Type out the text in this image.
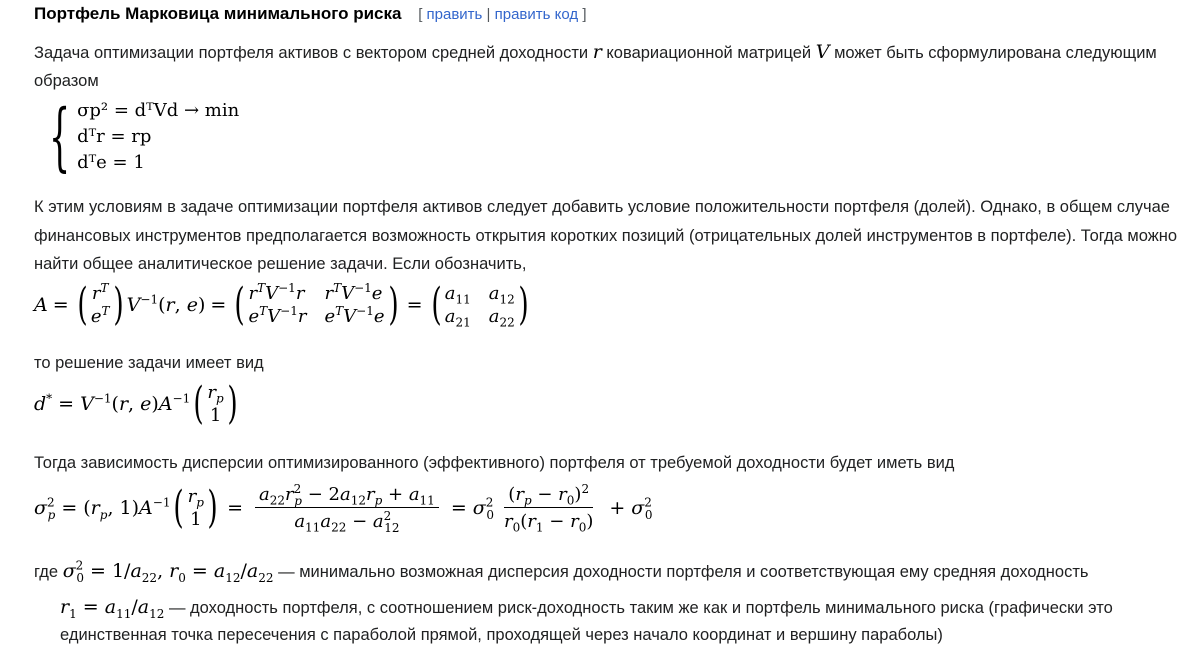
Портфель Марковица минимального риска [ править | править код ]
Задача оптимизации портфеля активов с вектором средней доходности r ковариационной матрицей V может быть сформулирована следующим
образом
{ σp² = dᵀVd → min
dᵀr = rp
dᵀe = 1
К этим условиям в задаче оптимизации портфеля активов следует добавить условие положительности портфеля (долей). Однако, в общем случае
финансовых инструментов предполагается возможность открытия коротких позиций (отрицательных долей инструментов в портфеле). Тогда можно
найти общее аналитическое решение задачи. Если обозначить,
A = ( $r^T$
$e^T$ ) $V^{-1}(r$, e) = ( $r^TV^{-1}r$ $r^TV^{-1}e$
$e^TV^{-1}r$ $e^TV^{-1}e$ ) = ( $a_{11}$ $a_{12}$
$a_{21}$ $a_{22}$ )
то решение задачи имеет вид
$d^* = V^{-1}(r$, $e)A^{-1}$ ( $r_p$
1 )
Тогда зависимость дисперсии оптимизированного (эффективного) портфеля от требуемой доходности будет иметь вид
$\sigma^2_p = (r_p$, $1)A^{-1}$ ( $r_p$
1 ) = $\frac{a_{22}r^2_p - 2a_{12}r_p + a_{11}}{a_{11}a_{22} - a^2_{12}} = \sigma^2_0 \frac{(r_p - r_0)^2}{r_0(r_1 - r_0)} + \sigma^2_0$
где $\sigma^2_0 = 1/a_{22}$, $r_0 = a_{12}/a_{22}$ — минимально возможная дисперсия доходности портфеля и соответствующая ему средняя доходность
$r_1 = a_{11}/a_{12}$ — доходность портфеля, с соотношением риск-доходность таким же как и портфель минимального риска (графически это
единственная точка пересечения с параболой прямой, проходящей через начало координат и вершину параболы)
